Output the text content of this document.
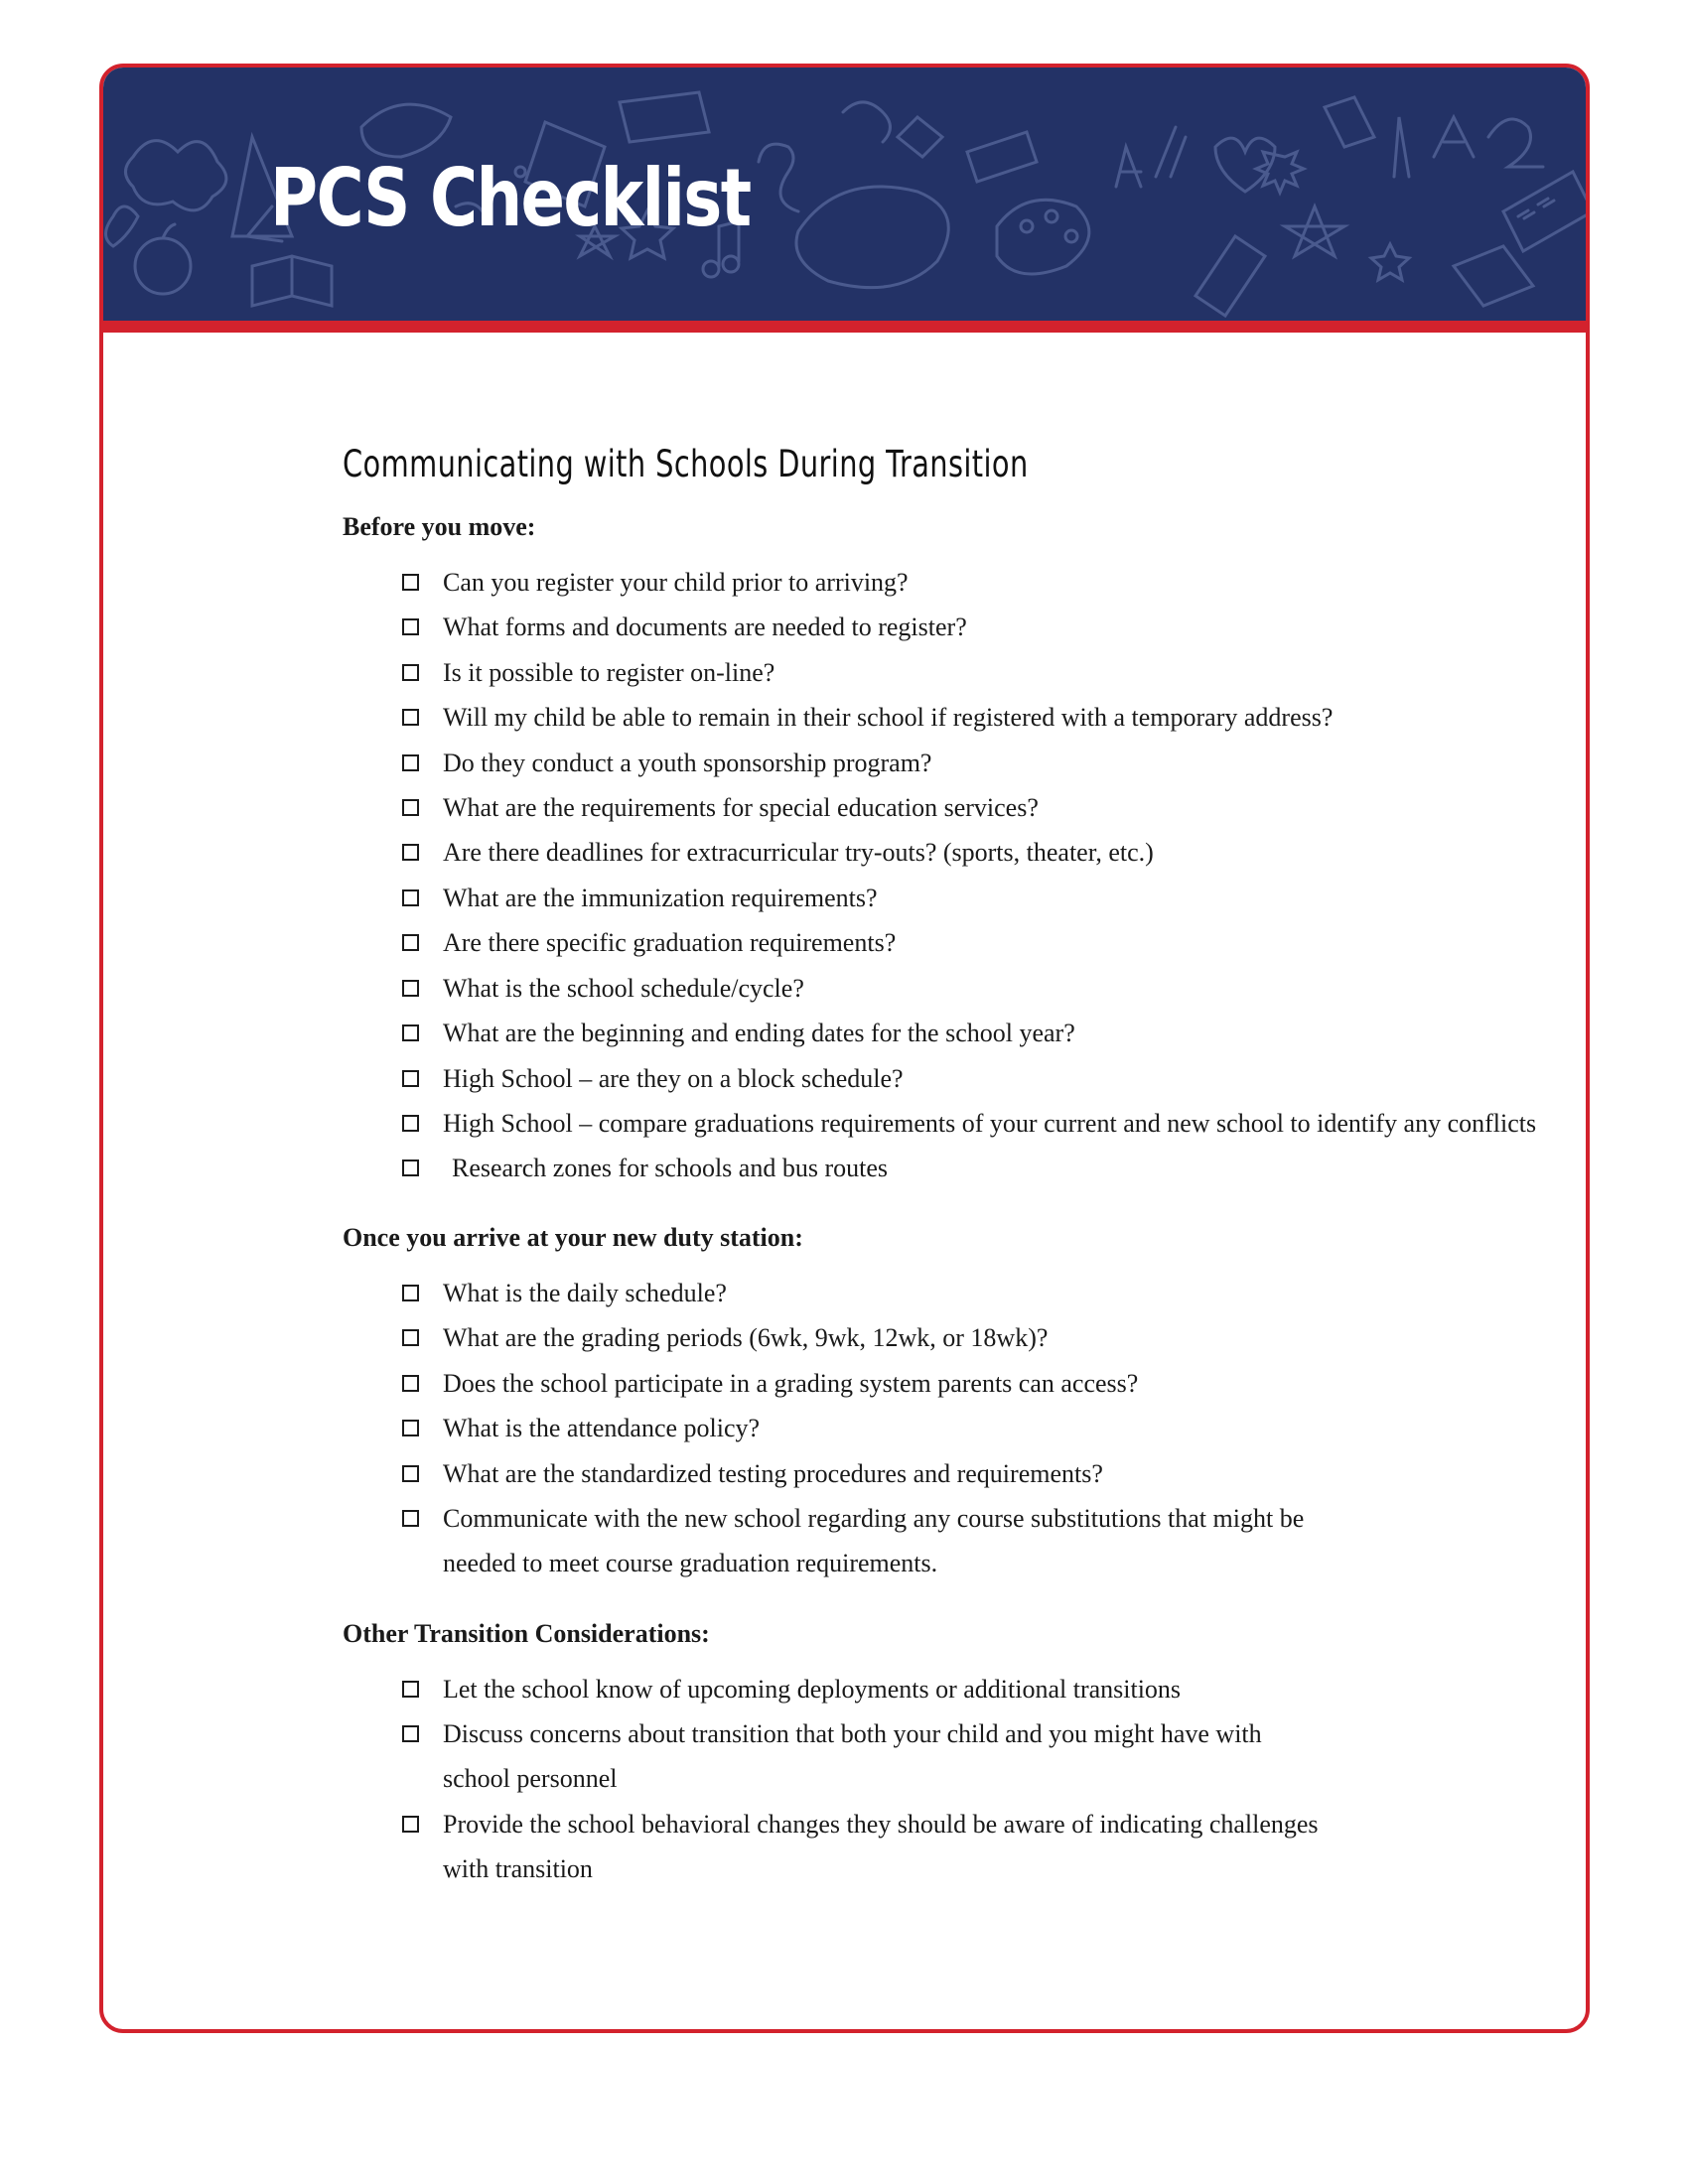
PCS Checklist
Communicating with Schools During Transition
Before you move:
Can you register your child prior to arriving?
What forms and documents are needed to register?
Is it possible to register on-line?
Will my child be able to remain in their school if registered with a temporary address?
Do they conduct a youth sponsorship program?
What are the requirements for special education services?
Are there deadlines for extracurricular try-outs? (sports, theater, etc.)
What are the immunization requirements?
Are there specific graduation requirements?
What is the school schedule/cycle?
What are the beginning and ending dates for the school year?
High School – are they on a block schedule?
High School – compare graduations requirements of your current and new school to identify any conflicts
Research zones for schools and bus routes
Once you arrive at your new duty station:
What is the daily schedule?
What are the grading periods (6wk, 9wk, 12wk, or 18wk)?
Does the school participate in a grading system parents can access?
What is the attendance policy?
What are the standardized testing procedures and requirements?
Communicate with the new school regarding any course substitutions that might be
needed to meet course graduation requirements.
Other Transition Considerations:
Let the school know of upcoming deployments or additional transitions
Discuss concerns about transition that both your child and you might have with
school personnel
Provide the school behavioral changes they should be aware of indicating challenges
with transition
